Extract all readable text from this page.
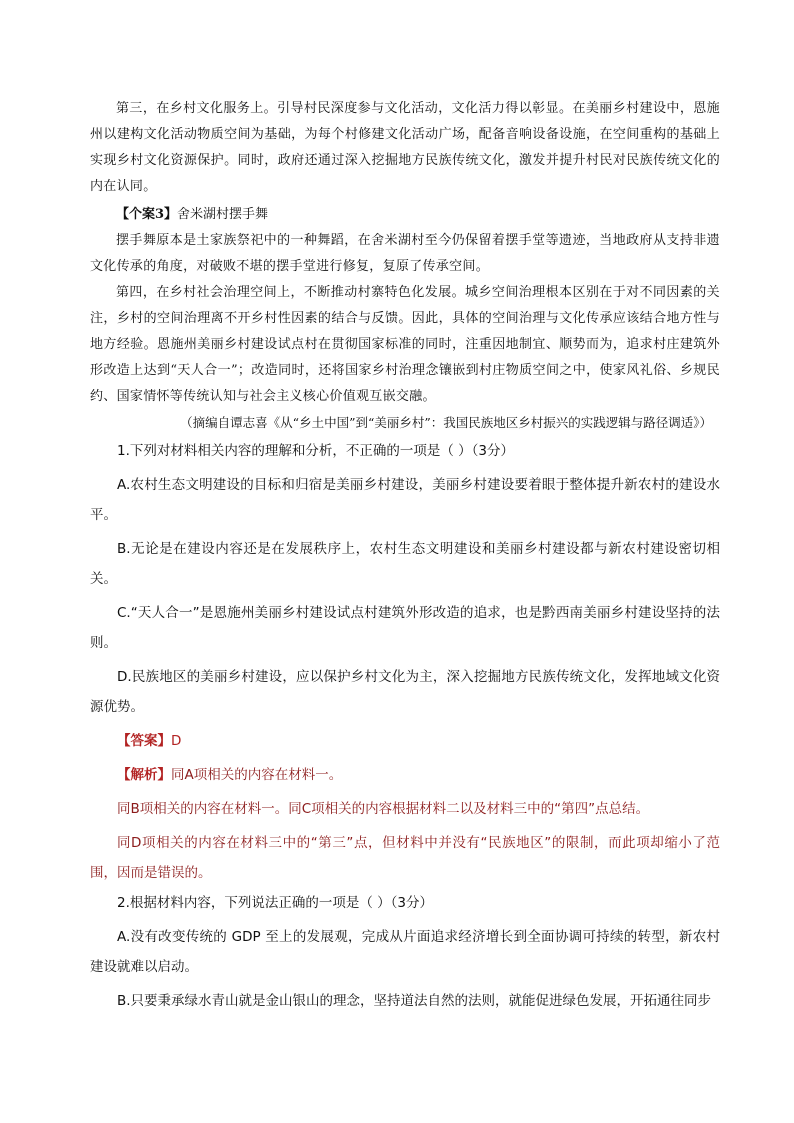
第三，在乡村文化服务上。引导村民深度参与文化活动，文化活力得以彰显。在美丽乡村建设中，恩施州以建构文化活动物质空间为基础，为每个村修建文化活动广场，配备音响设备设施，在空间重构的基础上实现乡村文化资源保护。同时，政府还通过深入挖掘地方民族传统文化，激发并提升村民对民族传统文化的内在认同。

【个案3】舍米湖村摆手舞

摆手舞原本是土家族祭祀中的一种舞蹈，在舍米湖村至今仍保留着摆手堂等遗迹，当地政府从支持非遗文化传承的角度，对破败不堪的摆手堂进行修复，复原了传承空间。

第四，在乡村社会治理空间上，不断推动村寨特色化发展。城乡空间治理根本区别在于对不同因素的关注，乡村的空间治理离不开乡村性因素的结合与反馈。因此，具体的空间治理与文化传承应该结合地方性与地方经验。恩施州美丽乡村建设试点村在贯彻国家标准的同时，注重因地制宜、顺势而为，追求村庄建筑外形改造上达到“天人合一”；改造同时，还将国家乡村治理念镶嵌到村庄物质空间之中，使家风礼俗、乡规民约、国家情怀等传统认知与社会主义核心价值观互嵌交融。

（摘编自谭志喜《从“乡土中国”到“美丽乡村”：我国民族地区乡村振兴的实践逻辑与路径调适》）

1.下列对材料相关内容的理解和分析，不正确的一项是（ ）（3分）

A.农村生态文明建设的目标和归宿是美丽乡村建设，美丽乡村建设要着眼于整体提升新农村的建设水平。

B.无论是在建设内容还是在发展秩序上，农村生态文明建设和美丽乡村建设都与新农村建设密切相关。

C.“天人合一”是恩施州美丽乡村建设试点村建筑外形改造的追求，也是黔西南美丽乡村建设坚持的法则。

D.民族地区的美丽乡村建设，应以保护乡村文化为主，深入挖掘地方民族传统文化，发挥地域文化资源优势。

【答案】D

【解析】同A项相关的内容在材料一。

同B项相关的内容在材料一。同C项相关的内容根据材料二以及材料三中的“第四”点总结。

同D项相关的内容在材料三中的“第三”点，但材料中并没有“民族地区”的限制，而此项却缩小了范围，因而是错误的。

2.根据材料内容，下列说法正确的一项是（ ）（3分）

A.没有改变传统的 GDP 至上的发展观，完成从片面追求经济增长到全面协调可持续的转型，新农村建设就难以启动。

B.只要秉承绿水青山就是金山银山的理念，坚持道法自然的法则，就能促进绿色发展，开拓通往同步
